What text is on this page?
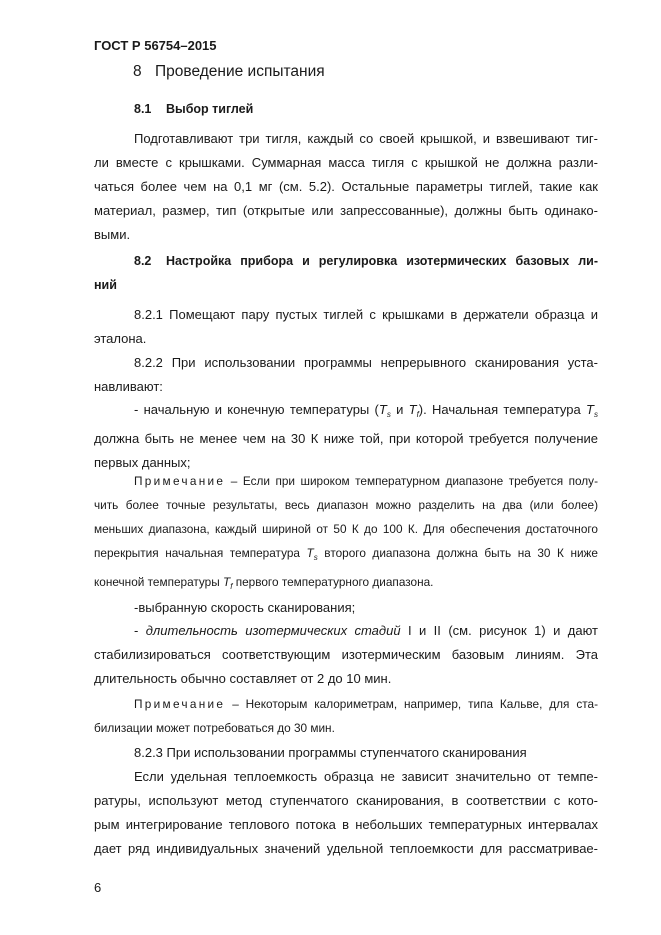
ГОСТ Р 56754–2015
8 Проведение испытания
8.1 Выбор тиглей
Подготавливают три тигля, каждый со своей крышкой, и взвешивают тиг-
ли вместе с крышками. Суммарная масса тигля с крышкой не должна разли-
чаться более чем на 0,1 мг (см. 5.2). Остальные параметры тиглей, такие как
материал, размер, тип (открытые или запрессованные), должны быть одинако-
выми.
8.2 Настройка прибора и регулировка изотермических базовых ли-
ний
8.2.1 Помещают пару пустых тиглей с крышками в держатели образца и
эталона.
8.2.2 При использовании программы непрерывного сканирования уста-
навливают:
- начальную и конечную температуры ($T_s$ и $T_f$). Начальная температура $T_s$
должна быть не менее чем на 30 К ниже той, при которой требуется получение
первых данных;
Примечание – Если при широком температурном диапазоне требуется полу-
чить более точные результаты, весь диапазон можно разделить на два (или более)
меньших диапазона, каждый шириной от 50 К до 100 К. Для обеспечения достаточного
перекрытия начальная температура $T_s$ второго диапазона должна быть на 30 К ниже
конечной температуры $T_f$ первого температурного диапазона.
-выбранную скорость сканирования;
- длительность изотермических стадий I и II (см. рисунок 1) и дают
стабилизироваться соответствующим изотермическим базовым линиям. Эта
длительность обычно составляет от 2 до 10 мин.
Примечание – Некоторым калориметрам, например, типа Кальве, для ста-
билизации может потребоваться до 30 мин.
8.2.3 При использовании программы ступенчатого сканирования
Если удельная теплоемкость образца не зависит значительно от темпе-
ратуры, используют метод ступенчатого сканирования, в соответствии с кото-
рым интегрирование теплового потока в небольших температурных интервалах
дает ряд индивидуальных значений удельной теплоемкости для рассматривае-
6
